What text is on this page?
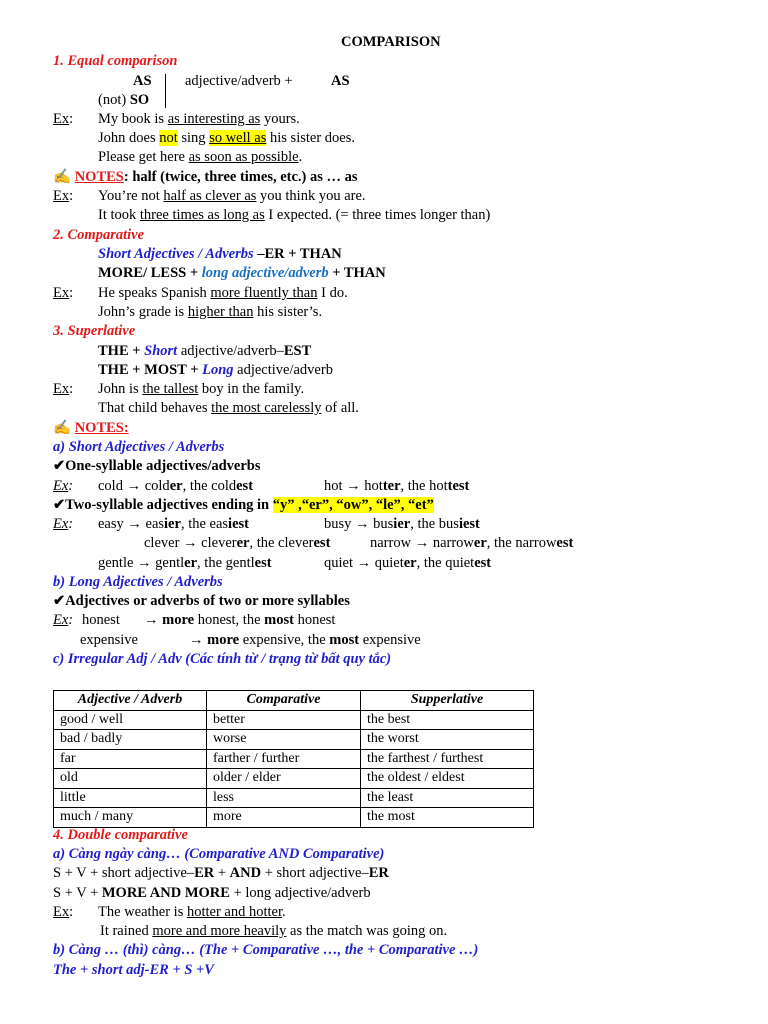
COMPARISON
1. Equal comparison
AS
(not) SO
adjective/adverb +	AS
Ex: My book is as interesting as yours.
John does not sing so well as his sister does.
Please get here as soon as possible.
✍ NOTES: half (twice, three times, etc.) as … as
Ex: You’re not half as clever as you think you are.
It took three times as long as I expected. (= three times longer than)
2. Comparative
Short Adjectives / Adverbs –ER + THAN
MORE/ LESS + long adjective/adverb + THAN
Ex: He speaks Spanish more fluently than I do.
John’s grade is higher than his sister’s.
3. Superlative
THE + Short adjective/adverb–EST
THE + MOST + Long adjective/adverb
Ex: John is the tallest boy in the family.
That child behaves the most carelessly of all.
✍ NOTES:
a) Short Adjectives / Adverbs
✔One-syllable adjectives/adverbs
Ex: cold → colder, the coldest	hot → hotter, the hottest
✔Two-syllable adjectives ending in “y” ,“er”, “ow”, “le”, “et”
Ex: easy → easier, the easiest	busy → busier, the busiest
clever → cleverer, the cleverest	narrow → narrower, the narrowest
gentle → gentler, the gentlest	quiet → quieter, the quietest
b) Long Adjectives / Adverbs
✔Adjectives or adverbs of two or more syllables
Ex: honest → more honest, the most honest
expensive	→ more expensive, the most expensive
c) Irregular Adj / Adv (Các tính từ / trạng từ bất quy tắc)
Adjective / Adverb	Comparative	Supperlative
good / well	better	the best
bad / badly	worse	the worst
far	farther / further	the farthest / furthest
old	older / elder	the oldest / eldest
little	less	the least
much / many	more	the most
4. Double comparative
a) Càng ngày càng… (Comparative AND Comparative)
S + V + short adjective–ER + AND + short adjective–ER
S + V + MORE AND MORE + long adjective/adverb
Ex: The weather is hotter and hotter.
It rained more and more heavily as the match was going on.
b) Càng … (thì) càng… (The + Comparative …, the + Comparative …)
The + short adj-ER + S +V
